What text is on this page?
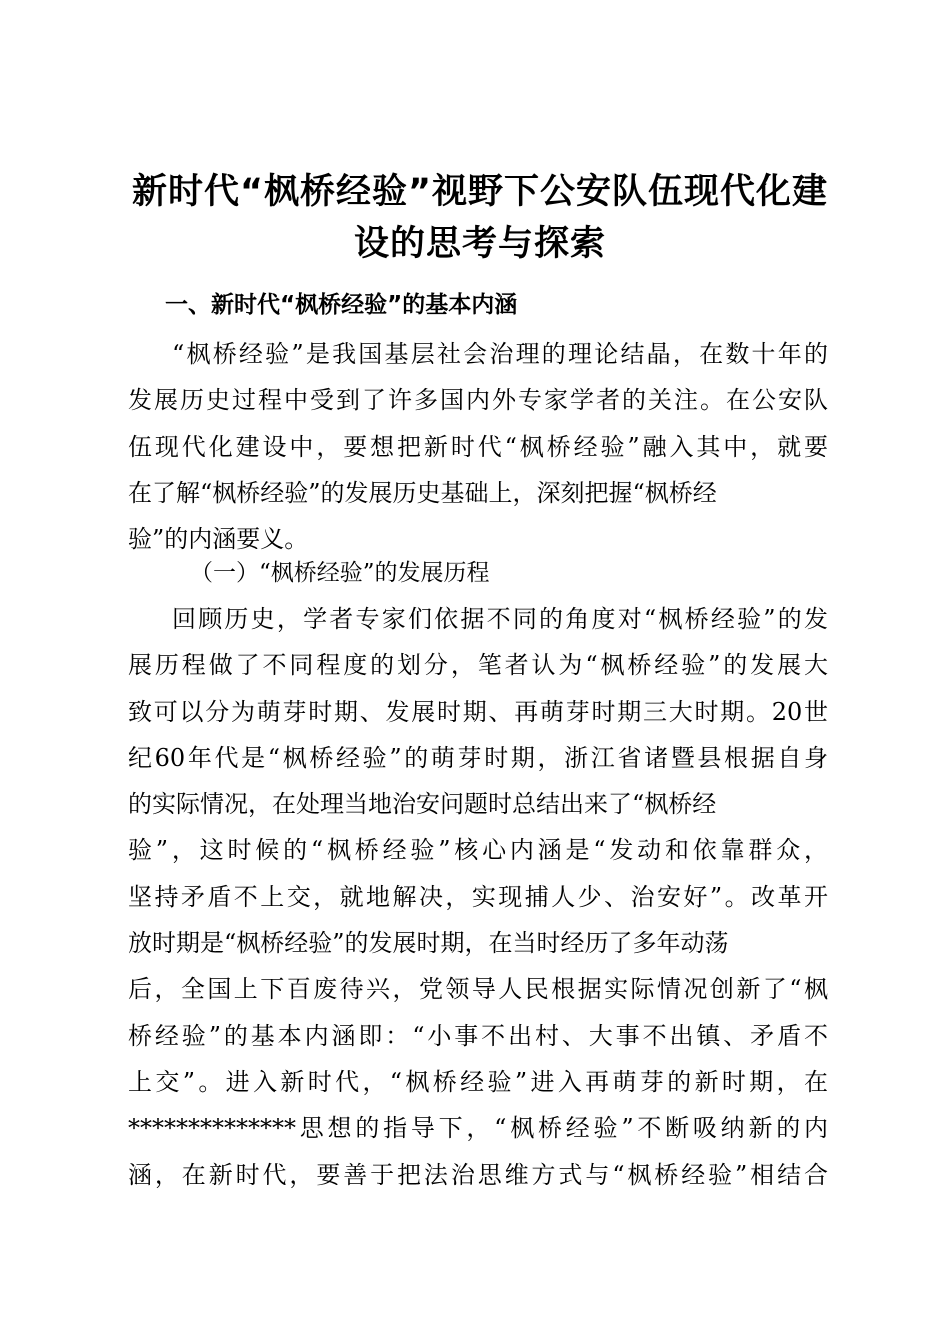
新时代“枫桥经验”视野下公安队伍现代化建
设的思考与探索
一、新时代“枫桥经验”的基本内涵
“枫桥经验”是我国基层社会治理的理论结晶，在数十年的
发展历史过程中受到了许多国内外专家学者的关注。在公安队
伍现代化建设中，要想把新时代“枫桥经验”融入其中，就要
在了解“枫桥经验”的发展历史基础上，深刻把握“枫桥经
验”的内涵要义。
（一）“枫桥经验”的发展历程
回顾历史，学者专家们依据不同的角度对“枫桥经验”的发
展历程做了不同程度的划分，笔者认为“枫桥经验”的发展大
致可以分为萌芽时期、发展时期、再萌芽时期三大时期。20世
纪60年代是“枫桥经验”的萌芽时期，浙江省诸暨县根据自身
的实际情况，在处理当地治安问题时总结出来了“枫桥经
验”，这时候的“枫桥经验”核心内涵是“发动和依靠群众，
坚持矛盾不上交，就地解决，实现捕人少、治安好”。改革开
放时期是“枫桥经验”的发展时期，在当时经历了多年动荡
后，全国上下百废待兴，党领导人民根据实际情况创新了“枫
桥经验”的基本内涵即：“小事不出村、大事不出镇、矛盾不
上交”。进入新时代，“枫桥经验”进入再萌芽的新时期，在
**************思想的指导下，“枫桥经验”不断吸纳新的内
涵，在新时代，要善于把法治思维方式与“枫桥经验”相结合
